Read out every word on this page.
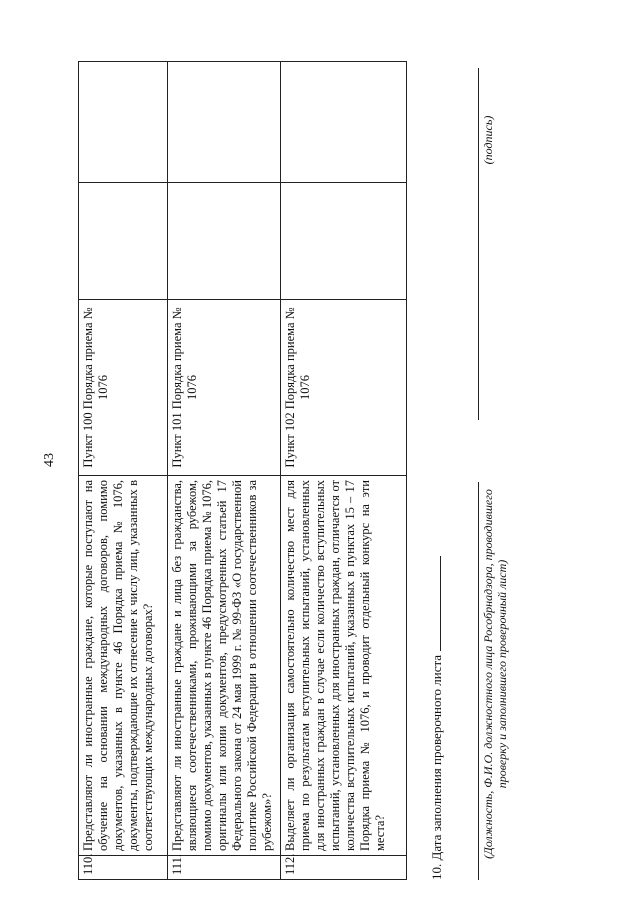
43
110.	Представляют ли иностранные граждане, которые поступают на обучение на основании международных договоров, помимо документов, указанных в пункте 46 Порядка приема № 1076, документы, подтверждающие их отнесение к числу лиц, указанных в соответствующих международных договорах?	Пункт 100 Порядка приема № 1076		
111.	Представляют ли иностранные граждане и лица без гражданства, являющиеся соотечественниками, проживающими за рубежом, помимо документов, указанных в пункте 46 Порядка приема № 1076, оригиналы или копии документов, предусмотренных статьей 17 Федерального закона от 24 мая 1999 г. № 99-ФЗ «О государственной политике Российской Федерации в отношении соотечественников за рубежом»?	Пункт 101 Порядка приема № 1076		
112.	Выделяет ли организация самостоятельно количество мест для приема по результатам вступительных испытаний, установленных для иностранных граждан в случае если количество вступительных испытаний, установленных для иностранных граждан, отличается от количества вступительных испытаний, указанных в пунктах 15 – 17 Порядка приема № 1076, и проводит отдельный конкурс на эти места?	Пункт 102 Порядка приема № 1076		
10. Дата заполнения проверочного листа	(Должность, Ф.И.О. должностного лица Рособрнадзора, проводившего проверку и заполнившего проверочный лист)
(подпись)
